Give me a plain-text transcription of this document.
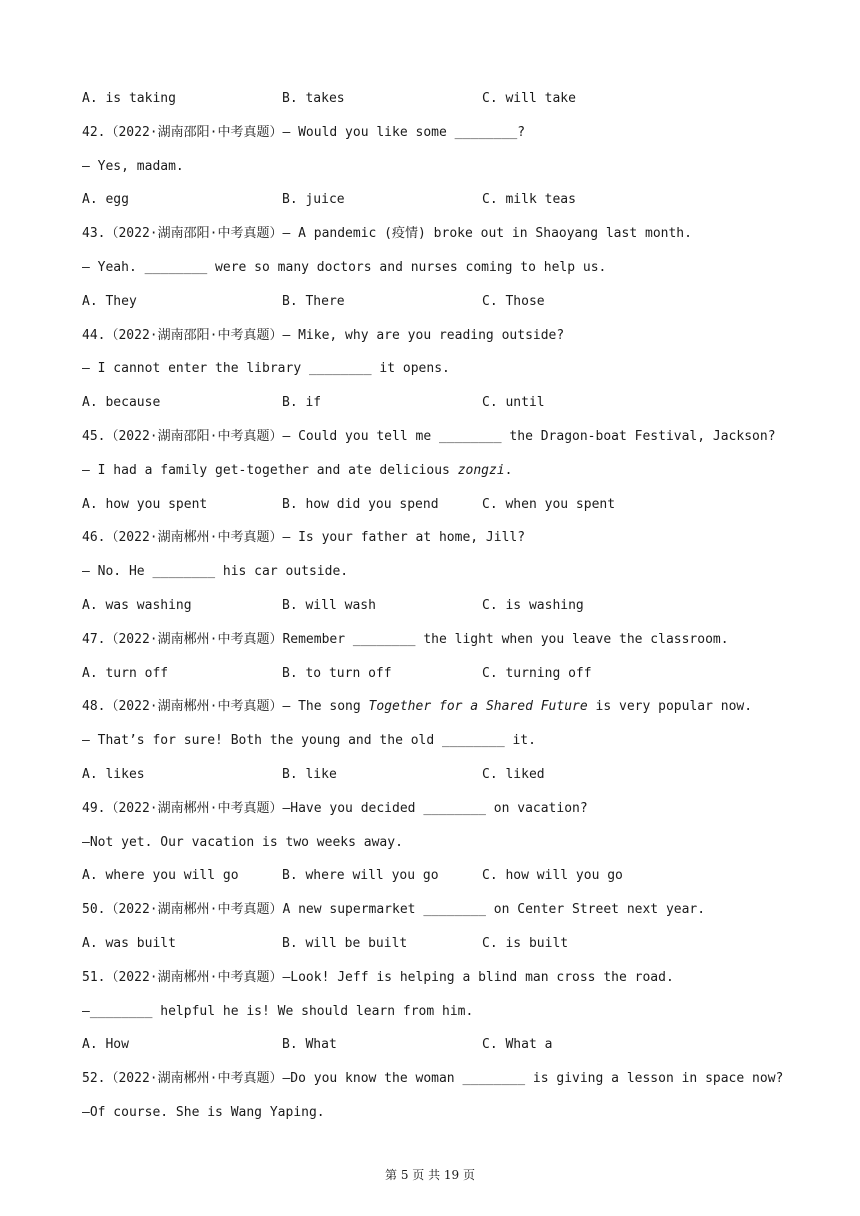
A. is taking	B. takes	C. will take
42.（2022·湖南邵阳·中考真题）— Would you like some ________?
— Yes, madam.
A. egg	B. juice	C. milk teas
43.（2022·湖南邵阳·中考真题）— A pandemic (疫情) broke out in Shaoyang last month.
— Yeah. ________ were so many doctors and nurses coming to help us.
A. They	B. There	C. Those
44.（2022·湖南邵阳·中考真题）— Mike, why are you reading outside?
— I cannot enter the library ________ it opens.
A. because	B. if	C. until
45.（2022·湖南邵阳·中考真题）— Could you tell me ________ the Dragon-boat Festival, Jackson?
— I had a family get-together and ate delicious zongzi .
A. how you spent	B. how did you spend	C. when you spent
46.（2022·湖南郴州·中考真题）— Is your father at home, Jill?
— No. He ________ his car outside.
A. was washing	B. will wash	C. is washing
47.（2022·湖南郴州·中考真题）Remember ________ the light when you leave the classroom.
A. turn off	B. to turn off	C. turning off
48.（2022·湖南郴州·中考真题）— The song Together for a Shared Future is very popular now.
— That’s for sure! Both the young and the old ________ it.
A. likes	B. like	C. liked
49.（2022·湖南郴州·中考真题）—Have you decided ________ on vacation?
—Not yet. Our vacation is two weeks away.
A. where you will go	B. where will you go	C. how will you go
50.（2022·湖南郴州·中考真题）A new supermarket ________ on Center Street next year.
A. was built	B. will be built	C. is built
51.（2022·湖南郴州·中考真题）—Look! Jeff is helping a blind man cross the road.
—________ helpful he is! We should learn from him.
A. How	B. What	C. What a
52.（2022·湖南郴州·中考真题）—Do you know the woman ________ is giving a lesson in space now?
—Of course. She is Wang Yaping.
第 5 页 共 19 页
